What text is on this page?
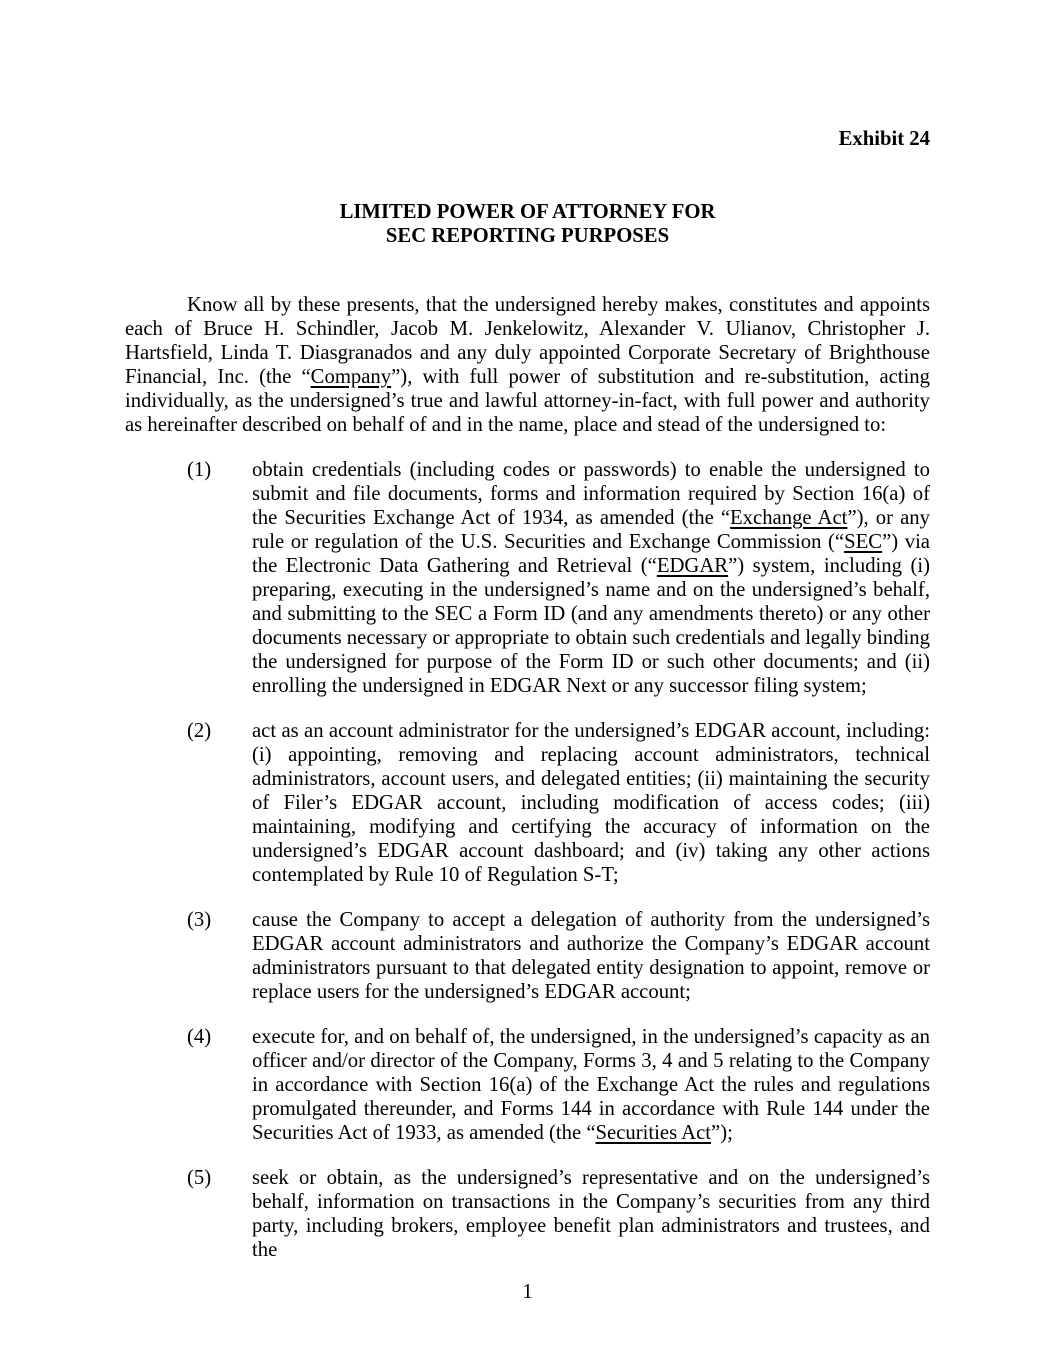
Exhibit 24
LIMITED POWER OF ATTORNEY FOR
SEC REPORTING PURPOSES

Know all by these presents, that the undersigned hereby makes, constitutes and appoints each of Bruce H. Schindler, Jacob M. Jenkelowitz, Alexander V. Ulianov, Christopher J. Hartsfield, Linda T. Diasgranados and any duly appointed Corporate Secretary of Brighthouse Financial, Inc. (the “Company”), with full power of substitution and re-substitution, acting individually, as the undersigned’s true and lawful attorney-in-fact, with full power and authority as hereinafter described on behalf of and in the name, place and stead of the undersigned to:

(1)	obtain credentials (including codes or passwords) to enable the undersigned to submit and file documents, forms and information required by Section 16(a) of the Securities Exchange Act of 1934, as amended (the “Exchange Act”), or any rule or regulation of the U.S. Securities and Exchange Commission (“SEC”) via the Electronic Data Gathering and Retrieval (“EDGAR”) system, including (i) preparing, executing in the undersigned’s name and on the undersigned’s behalf, and submitting to the SEC a Form ID (and any amendments thereto) or any other documents necessary or appropriate to obtain such credentials and legally binding the undersigned for purpose of the Form ID or such other documents; and (ii) enrolling the undersigned in EDGAR Next or any successor filing system;
(2)	act as an account administrator for the undersigned’s EDGAR account, including: (i) appointing, removing and replacing account administrators, technical administrators, account users, and delegated entities; (ii) maintaining the security of Filer’s EDGAR account, including modification of access codes; (iii) maintaining, modifying and certifying the accuracy of information on the undersigned’s EDGAR account dashboard; and (iv) taking any other actions contemplated by Rule 10 of Regulation S-T;
(3)	cause the Company to accept a delegation of authority from the undersigned’s EDGAR account administrators and authorize the Company’s EDGAR account administrators pursuant to that delegated entity designation to appoint, remove or replace users for the undersigned’s EDGAR account;
(4)	execute for, and on behalf of, the undersigned, in the undersigned’s capacity as an officer and/or director of the Company, Forms 3, 4 and 5 relating to the Company in accordance with Section 16(a) of the Exchange Act the rules and regulations promulgated thereunder, and Forms 144 in accordance with Rule 144 under the Securities Act of 1933, as amended (the “Securities Act”);
(5)	seek or obtain, as the undersigned’s representative and on the undersigned’s behalf, information on transactions in the Company’s securities from any third party, including brokers, employee benefit plan administrators and trustees, and the
1
